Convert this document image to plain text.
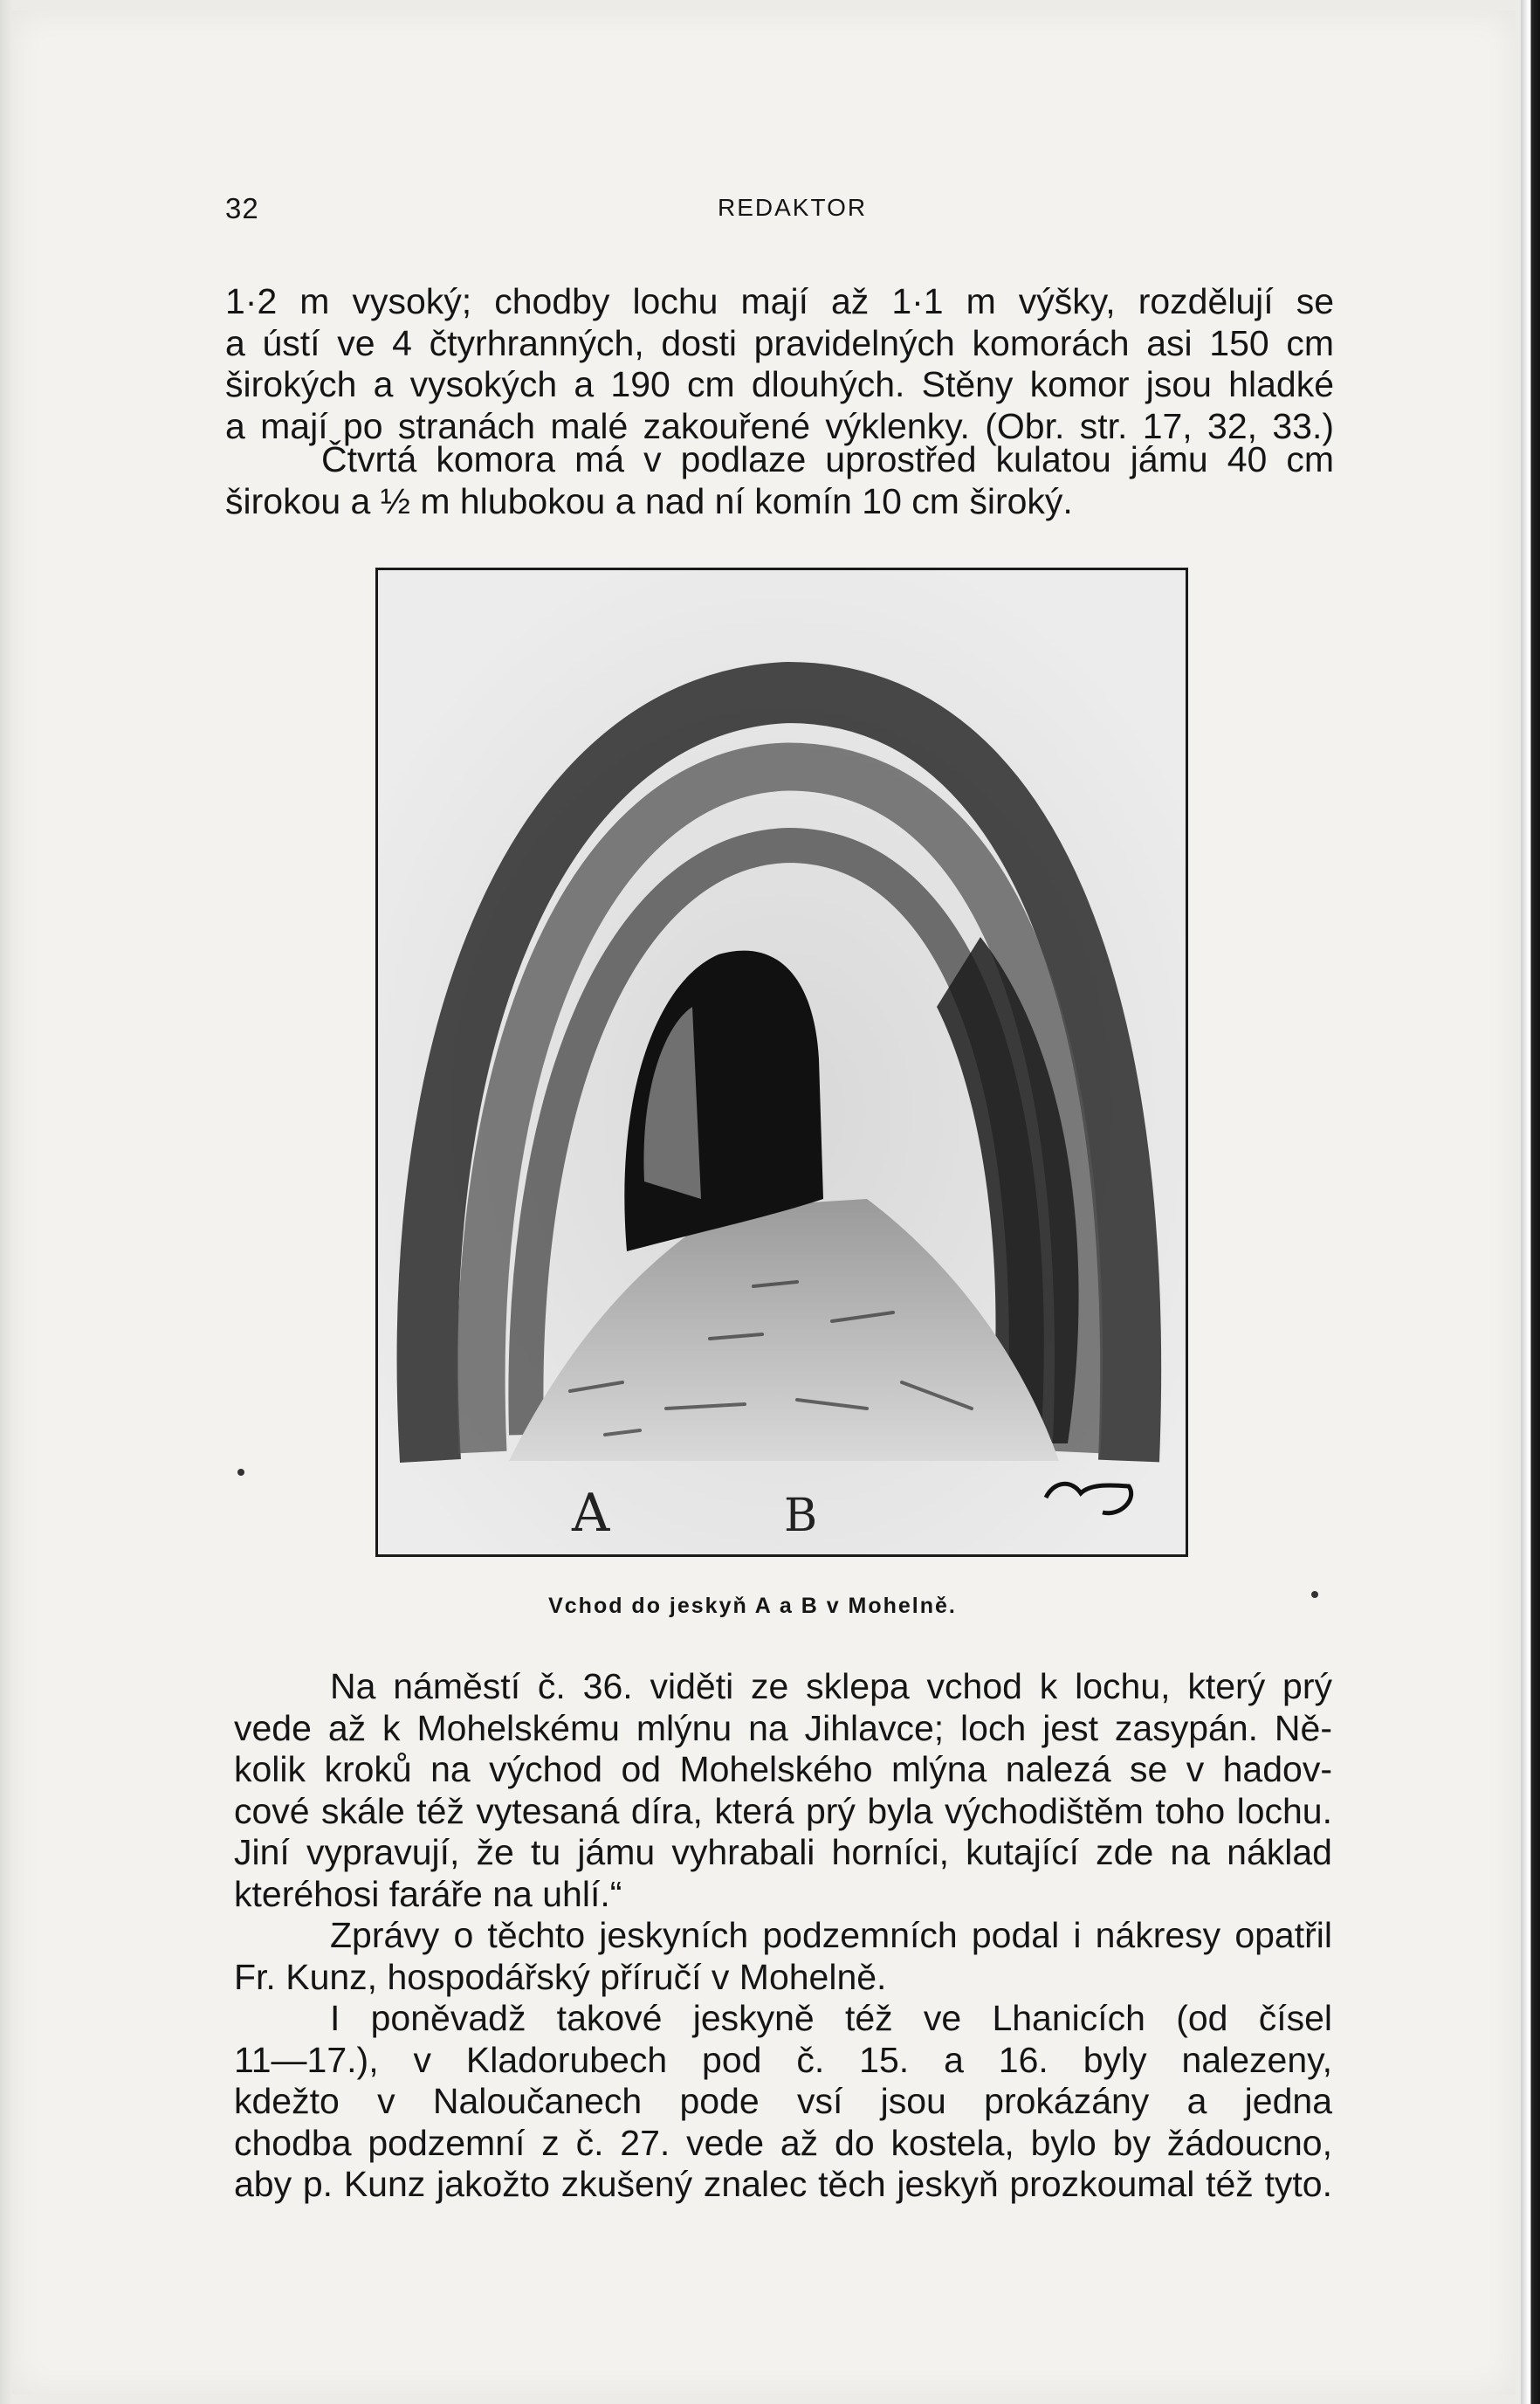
32	REDAKTOR
1·2 m vysoký; chodby lochu mají až 1·1 m výšky, rozdělují se
a ústí ve 4 čtyrhranných, dosti pravidelných komorách asi 150 cm
širokých a vysokých a 190 cm dlouhých. Stěny komor jsou hladké
a mají po stranách malé zakouřené výklenky. (Obr. str. 17, 32, 33.)
Čtvrtá komora má v podlaze uprostřed kulatou jámu 40 cm
širokou a ½ m hlubokou a nad ní komín 10 cm široký.
A	B
Vchod do jeskyň A a B v Mohelně.
Na náměstí č. 36. viděti ze sklepa vchod k lochu, který prý
vede až k Mohelskému mlýnu na Jihlavce; loch jest zasypán. Ně-
kolik kroků na východ od Mohelského mlýna nalezá se v hadov-
cové skále též vytesaná díra, která prý byla východištěm toho lochu.
Jiní vypravují, že tu jámu vyhrabali horníci, kutající zde na náklad
kteréhosi faráře na uhlí.“
Zprávy o těchto jeskyních podzemních podal i nákresy opatřil
Fr. Kunz, hospodářský příručí v Mohelně.
I poněvadž takové jeskyně též ve Lhanicích (od čísel
11—17.), v Kladorubech pod č. 15. a 16. byly nalezeny,
kdežto v Naloučanech pode vsí jsou prokázány a jedna
chodba podzemní z č. 27. vede až do kostela, bylo by žádoucno,
aby p. Kunz jakožto zkušený znalec těch jeskyň prozkoumal též tyto.
